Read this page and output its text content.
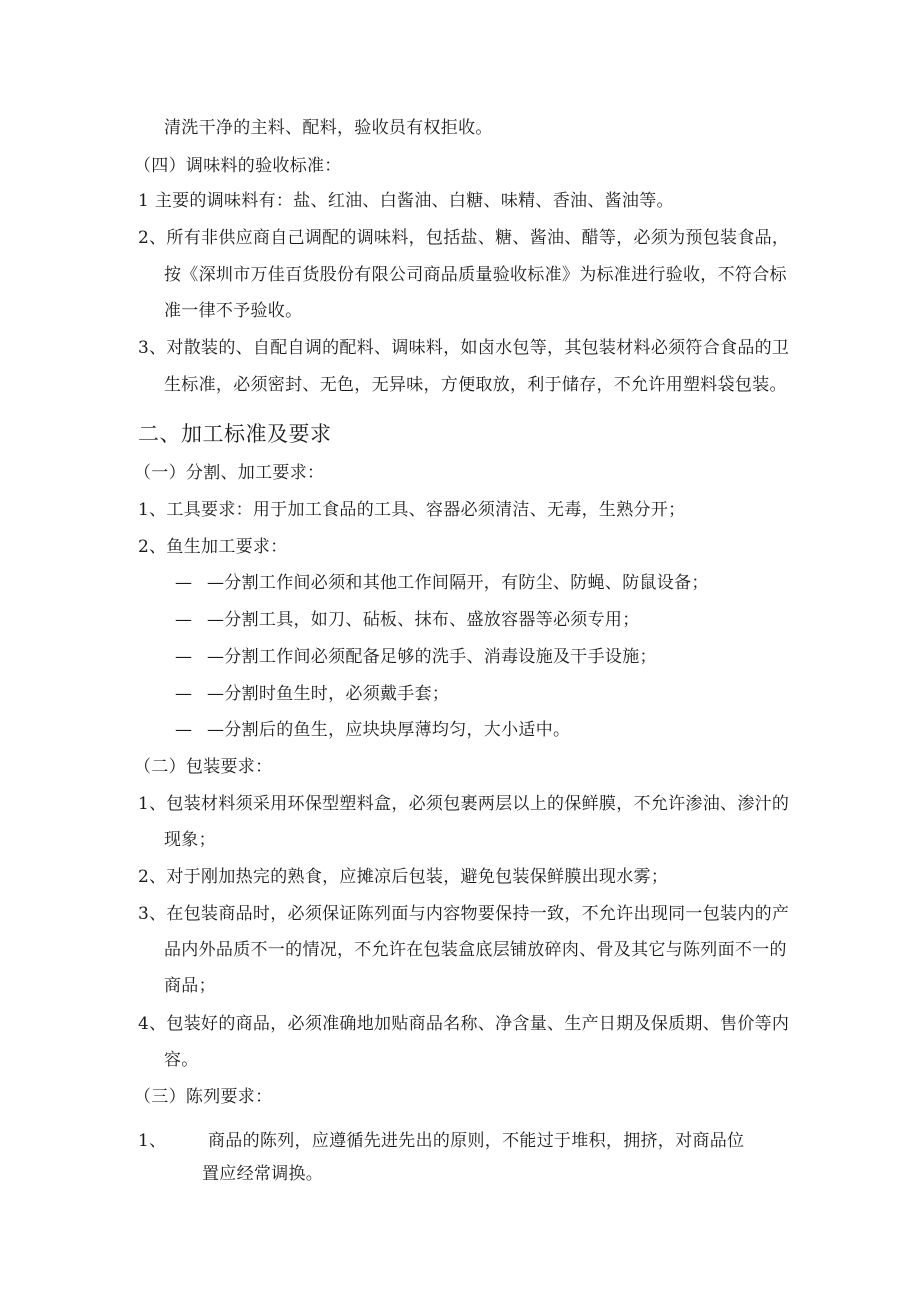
清洗干净的主料、配料，验收员有权拒收。
（四）调味料的验收标准：
1 主要的调味料有：盐、红油、白酱油、白糖、味精、香油、酱油等。
2、所有非供应商自己调配的调味料，包括盐、糖、酱油、醋等，必须为预包装食品，
按《深圳市万佳百货股份有限公司商品质量验收标准》为标准进行验收，不符合标
准一律不予验收。
3、对散装的、自配自调的配料、调味料，如卤水包等，其包装材料必须符合食品的卫
生标准，必须密封、无色，无异味，方便取放，利于储存，不允许用塑料袋包装。
二、加工标准及要求
（一）分割、加工要求：
1、工具要求：用于加工食品的工具、容器必须清洁、无毒，生熟分开；
2、鱼生加工要求：
— —分割工作间必须和其他工作间隔开，有防尘、防蝇、防鼠设备；
— —分割工具，如刀、砧板、抹布、盛放容器等必须专用；
— —分割工作间必须配备足够的洗手、消毒设施及干手设施；
— —分割时鱼生时，必须戴手套；
— —分割后的鱼生，应块块厚薄均匀，大小适中。
（二）包装要求：
1、包装材料须采用环保型塑料盒，必须包裹两层以上的保鲜膜，不允许渗油、渗汁的
现象；
2、对于刚加热完的熟食，应摊凉后包装，避免包装保鲜膜出现水雾；
3、在包装商品时，必须保证陈列面与内容物要保持一致，不允许出现同一包装内的产
品内外品质不一的情况，不允许在包装盒底层铺放碎肉、骨及其它与陈列面不一的
商品；
4、包装好的商品，必须准确地加贴商品名称、净含量、生产日期及保质期、售价等内
容。
（三）陈列要求：
1、 商品的陈列，应遵循先进先出的原则，不能过于堆积，拥挤，对商品位
置应经常调换。
